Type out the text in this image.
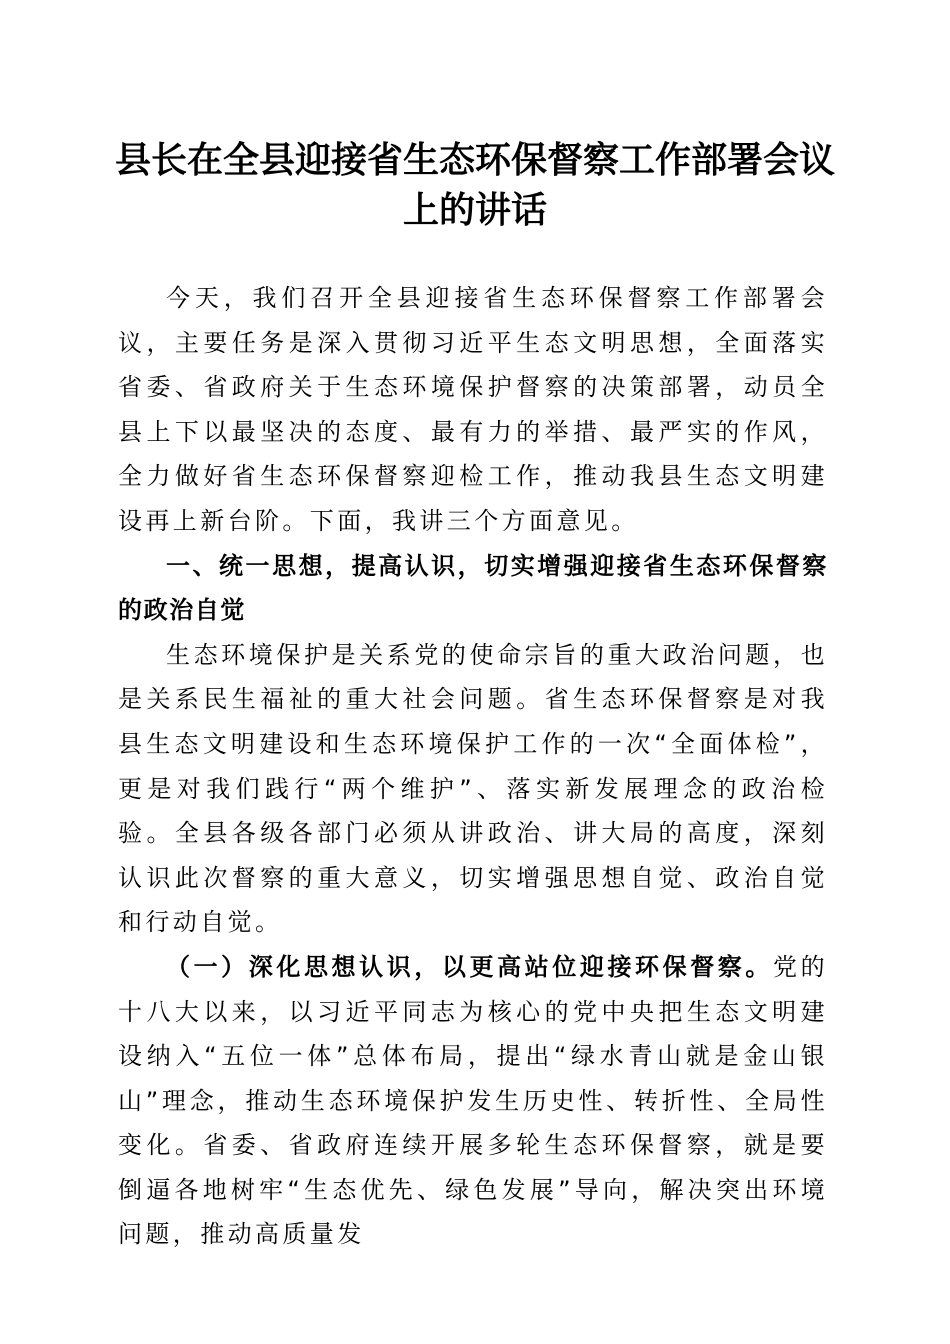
县长在全县迎接省生态环保督察工作部署会议上的讲话

今天，我们召开全县迎接省生态环保督察工作部署会议，主要任务是深入贯彻习近平生态文明思想，全面落实省委、省政府关于生态环境保护督察的决策部署，动员全县上下以最坚决的态度、最有力的举措、最严实的作风，全力做好省生态环保督察迎检工作，推动我县生态文明建设再上新台阶。下面，我讲三个方面意见。

一、统一思想，提高认识，切实增强迎接省生态环保督察的政治自觉

生态环境保护是关系党的使命宗旨的重大政治问题，也是关系民生福祉的重大社会问题。省生态环保督察是对我县生态文明建设和生态环境保护工作的一次“全面体检”，更是对我们践行“两个维护”、落实新发展理念的政治检验。全县各级各部门必须从讲政治、讲大局的高度，深刻认识此次督察的重大意义，切实增强思想自觉、政治自觉和行动自觉。

（一）深化思想认识，以更高站位迎接环保督察。党的十八大以来，以习近平同志为核心的党中央把生态文明建设纳入“五位一体”总体布局，提出“绿水青山就是金山银山”理念，推动生态环境保护发生历史性、转折性、全局性变化。省委、省政府连续开展多轮生态环保督察，就是要倒逼各地树牢“生态优先、绿色发展”导向，解决突出环境问题，推动高质量发
